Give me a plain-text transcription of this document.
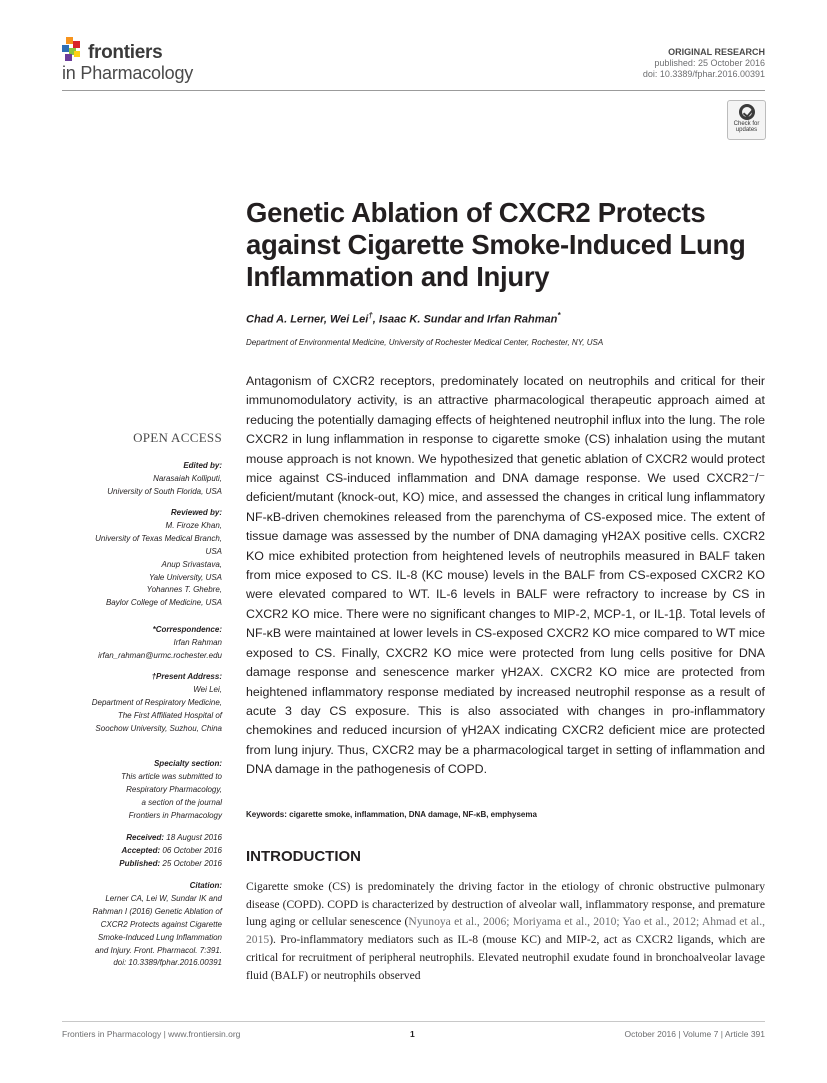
frontiers
in Pharmacology
ORIGINAL RESEARCH
published: 25 October 2016
doi: 10.3389/fphar.2016.00391
Check for updates
Genetic Ablation of CXCR2 Protects against Cigarette Smoke-Induced Lung Inflammation and Injury
Chad A. Lerner, Wei Lei†, Isaac K. Sundar and Irfan Rahman*
Department of Environmental Medicine, University of Rochester Medical Center, Rochester, NY, USA
OPEN ACCESS
Edited by:
Narasaiah Kolliputi,
University of South Florida, USA
Reviewed by:
M. Firoze Khan,
University of Texas Medical Branch,
USA
Anup Srivastava,
Yale University, USA
Yohannes T. Ghebre,
Baylor College of Medicine, USA
*Correspondence:
Irfan Rahman
irfan_rahman@urmc.rochester.edu
†Present Address:
Wei Lei,
Department of Respiratory Medicine,
The First Affiliated Hospital of
Soochow University, Suzhou, China
Specialty section:
This article was submitted to
Respiratory Pharmacology,
a section of the journal
Frontiers in Pharmacology
Received: 18 August 2016
Accepted: 06 October 2016
Published: 25 October 2016
Citation:
Lerner CA, Lei W, Sundar IK and
Rahman I (2016) Genetic Ablation of
CXCR2 Protects against Cigarette
Smoke-Induced Lung Inflammation
and Injury. Front. Pharmacol. 7:391.
doi: 10.3389/fphar.2016.00391
Antagonism of CXCR2 receptors, predominately located on neutrophils and critical for their immunomodulatory activity, is an attractive pharmacological therapeutic approach aimed at reducing the potentially damaging effects of heightened neutrophil influx into the lung. The role CXCR2 in lung inflammation in response to cigarette smoke (CS) inhalation using the mutant mouse approach is not known. We hypothesized that genetic ablation of CXCR2 would protect mice against CS-induced inflammation and DNA damage response. We used CXCR2⁻/⁻ deficient/mutant (knock-out, KO) mice, and assessed the changes in critical lung inflammatory NF-κB-driven chemokines released from the parenchyma of CS-exposed mice. The extent of tissue damage was assessed by the number of DNA damaging γH2AX positive cells. CXCR2 KO mice exhibited protection from heightened levels of neutrophils measured in BALF taken from mice exposed to CS. IL-8 (KC mouse) levels in the BALF from CS-exposed CXCR2 KO were elevated compared to WT. IL-6 levels in BALF were refractory to increase by CS in CXCR2 KO mice. There were no significant changes to MIP-2, MCP-1, or IL-1β. Total levels of NF-κB were maintained at lower levels in CS-exposed CXCR2 KO mice compared to WT mice exposed to CS. Finally, CXCR2 KO mice were protected from lung cells positive for DNA damage response and senescence marker γH2AX. CXCR2 KO mice are protected from heightened inflammatory response mediated by increased neutrophil response as a result of acute 3 day CS exposure. This is also associated with changes in pro-inflammatory chemokines and reduced incursion of γH2AX indicating CXCR2 deficient mice are protected from lung injury. Thus, CXCR2 may be a pharmacological target in setting of inflammation and DNA damage in the pathogenesis of COPD.
Keywords: cigarette smoke, inflammation, DNA damage, NF-κB, emphysema
INTRODUCTION
Cigarette smoke (CS) is predominately the driving factor in the etiology of chronic obstructive pulmonary disease (COPD). COPD is characterized by destruction of alveolar wall, inflammatory response, and premature lung aging or cellular senescence (Nyunoya et al., 2006; Moriyama et al., 2010; Yao et al., 2012; Ahmad et al., 2015). Pro-inflammatory mediators such as IL-8 (mouse KC) and MIP-2, act as CXCR2 ligands, which are critical for recruitment of peripheral neutrophils. Elevated neutrophil exudate found in bronchoalveolar lavage fluid (BALF) or neutrophils observed
Frontiers in Pharmacology | www.frontiersin.org	1	October 2016 | Volume 7 | Article 391
